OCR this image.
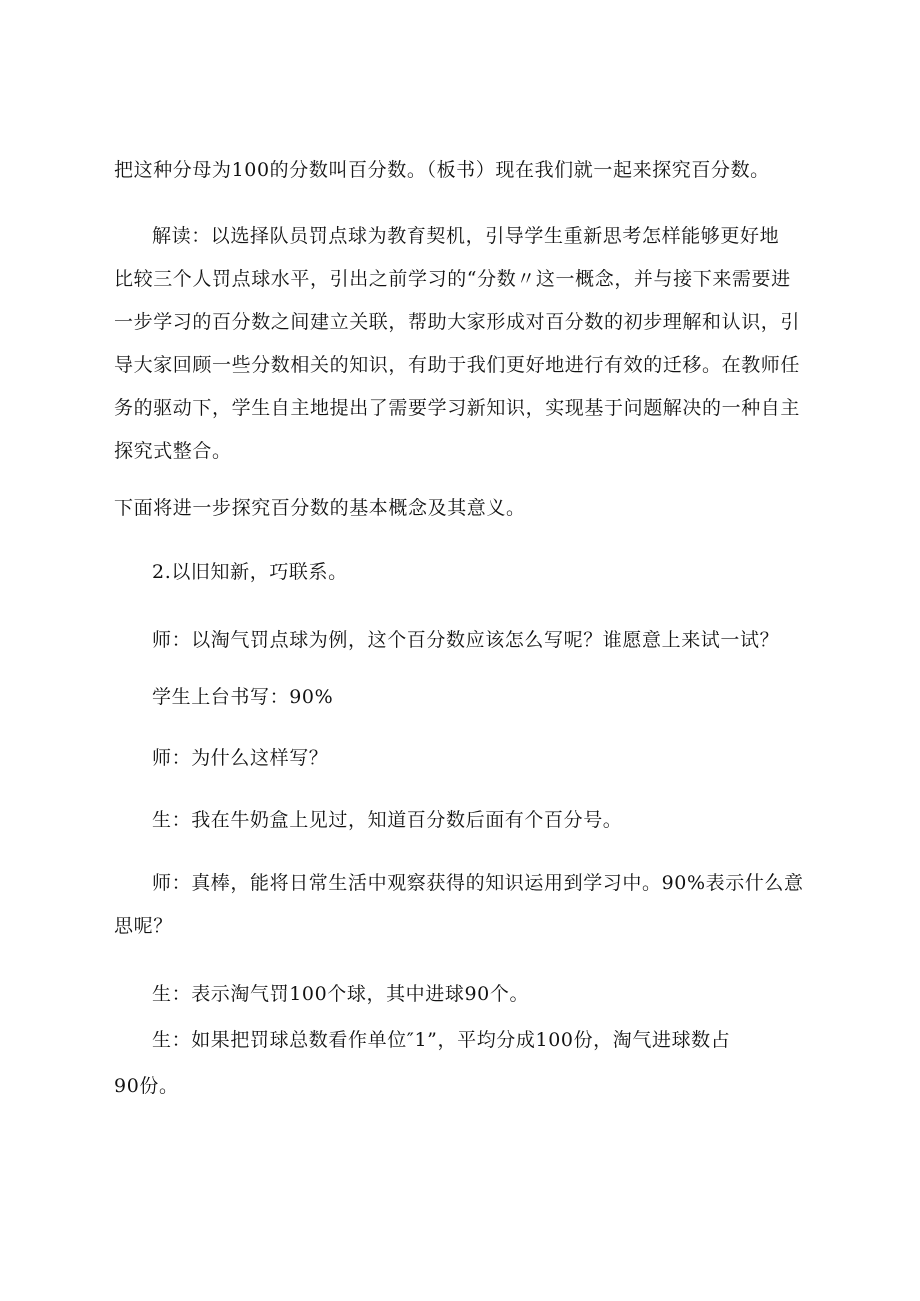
把这种分母为100的分数叫百分数。（板书）现在我们就一起来探究百分数。
解读：以选择队员罚点球为教育契机，引导学生重新思考怎样能够更好地
比较三个人罚点球水平，引出之前学习的“分数〃这一概念，并与接下来需要进
一步学习的百分数之间建立关联，帮助大家形成对百分数的初步理解和认识，引
导大家回顾一些分数相关的知识，有助于我们更好地进行有效的迁移。在教师任
务的驱动下，学生自主地提出了需要学习新知识，实现基于问题解决的一种自主
探究式整合。
下面将进一步探究百分数的基本概念及其意义。
2.以旧知新，巧联系。
师：以淘气罚点球为例，这个百分数应该怎么写呢？谁愿意上来试一试？
学生上台书写：90%
师：为什么这样写？
生：我在牛奶盒上见过，知道百分数后面有个百分号。
师：真棒，能将日常生活中观察获得的知识运用到学习中。90%表示什么意
思呢？
生：表示淘气罚100个球，其中进球90个。
生：如果把罚球总数看作单位″1”，平均分成100份，淘气进球数占
90份。
